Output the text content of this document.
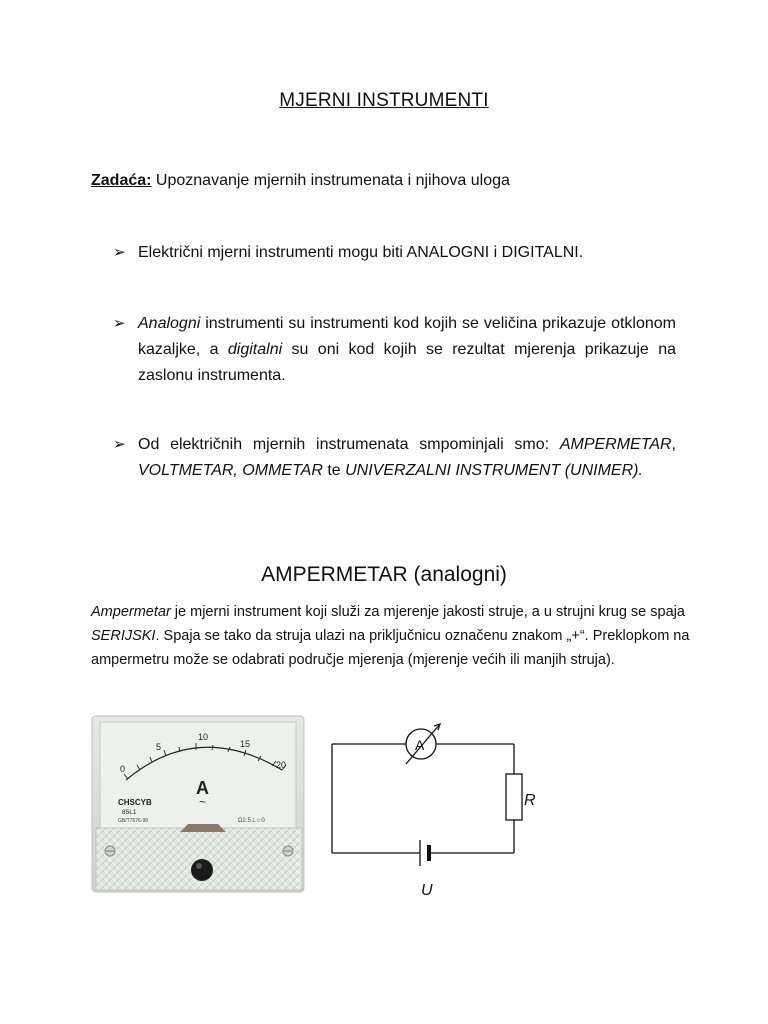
MJERNI INSTRUMENTI
Zadaća: Upoznavanje mjernih instrumenata i njihova uloga
➢ Električni mjerni instrumenti mogu biti ANALOGNI i DIGITALNI.
➢ Analogni instrumenti su instrumenti kod kojih se veličina prikazuje otklonom kazaljke, a digitalni su oni kod kojih se rezultat mjerenja prikazuje na zaslonu instrumenta.
➢ Od električnih mjernih instrumenata smpominjali smo: AMPERMETAR, VOLTMETAR, OMMETAR te UNIVERZALNI INSTRUMENT (UNIMER).
AMPERMETAR (analogni)
Ampermetar je mjerni instrument koji služi za mjerenje jakosti struje, a u strujni krug se spaja SERIJSKI. Spaja se tako da struja ulazi na priključnicu označenu znakom „+“. Preklopkom na ampermetru može se odabrati područje mjerenja (mjerenje većih ili manjih struja).
0
5
10
15
20
A
~
CHSCYB
85L1
GB/T7676-98	Ω2.5⊥☆0
A
R
U
